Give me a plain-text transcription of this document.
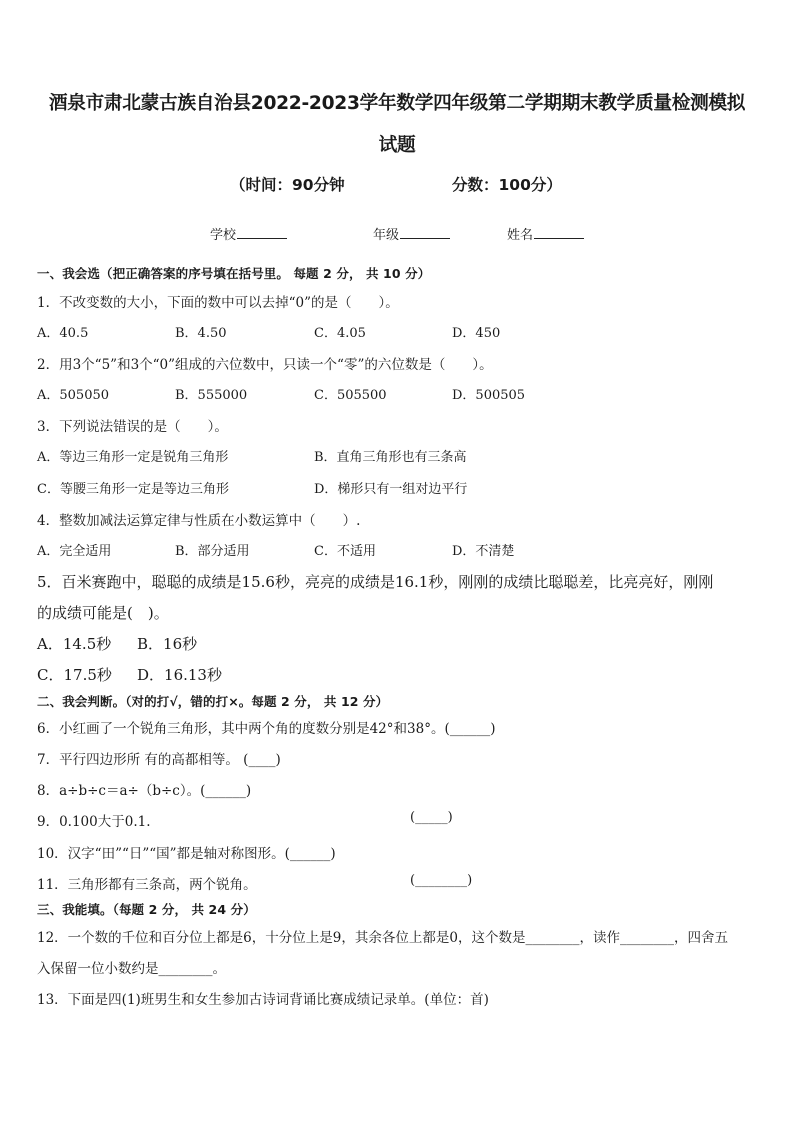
酒泉市肃北蒙古族自治县2022-2023学年数学四年级第二学期期末教学质量检测模拟
试题
（时间：90分钟	分数：100分）
学校	年级	姓名
一、我会选（把正确答案的序号填在括号里。 每题 2 分， 共 10 分）
1．不改变数的大小，下面的数中可以去掉“0”的是（　　）。
A．40.5	B．4.50	C．4.05	D．450
2．用3个“5”和3个“0”组成的六位数中，只读一个“零”的六位数是（　　）。
A．505050	B．555000	C．505500	D．500505
3．下列说法错误的是（　　）。
A．等边三角形一定是锐角三角形	B．直角三角形也有三条高
C．等腰三角形一定是等边三角形	D．梯形只有一组对边平行
4．整数加减法运算定律与性质在小数运算中（　　）.
A．完全适用	B．部分适用	C．不适用	D．不清楚
5．百米赛跑中，聪聪的成绩是15.6秒，亮亮的成绩是16.1秒，刚刚的成绩比聪聪差，比亮亮好，刚刚
的成绩可能是(　)。
A．14.5秒 B．16秒
C．17.5秒 D．16.13秒
二、我会判断。（对的打√，错的打×。每题 2 分， 共 12 分）
6．小红画了一个锐角三角形，其中两个角的度数分别是42°和38°。(______)
7．平行四边形所 有的高都相等。 (____)
8．a÷b÷c＝a÷（b÷c）。(______)
9．0.100大于0.1.	(_____)
10．汉字“田”“日”“国”都是轴对称图形。(______)
11．三角形都有三条高，两个锐角。	(________)
三、我能填。（每题 2 分， 共 24 分）
12．一个数的千位和百分位上都是6，十分位上是9，其余各位上都是0，这个数是________，读作________，四舍五
入保留一位小数约是________。
13．下面是四(1)班男生和女生参加古诗词背诵比赛成绩记录单。(单位：首)
